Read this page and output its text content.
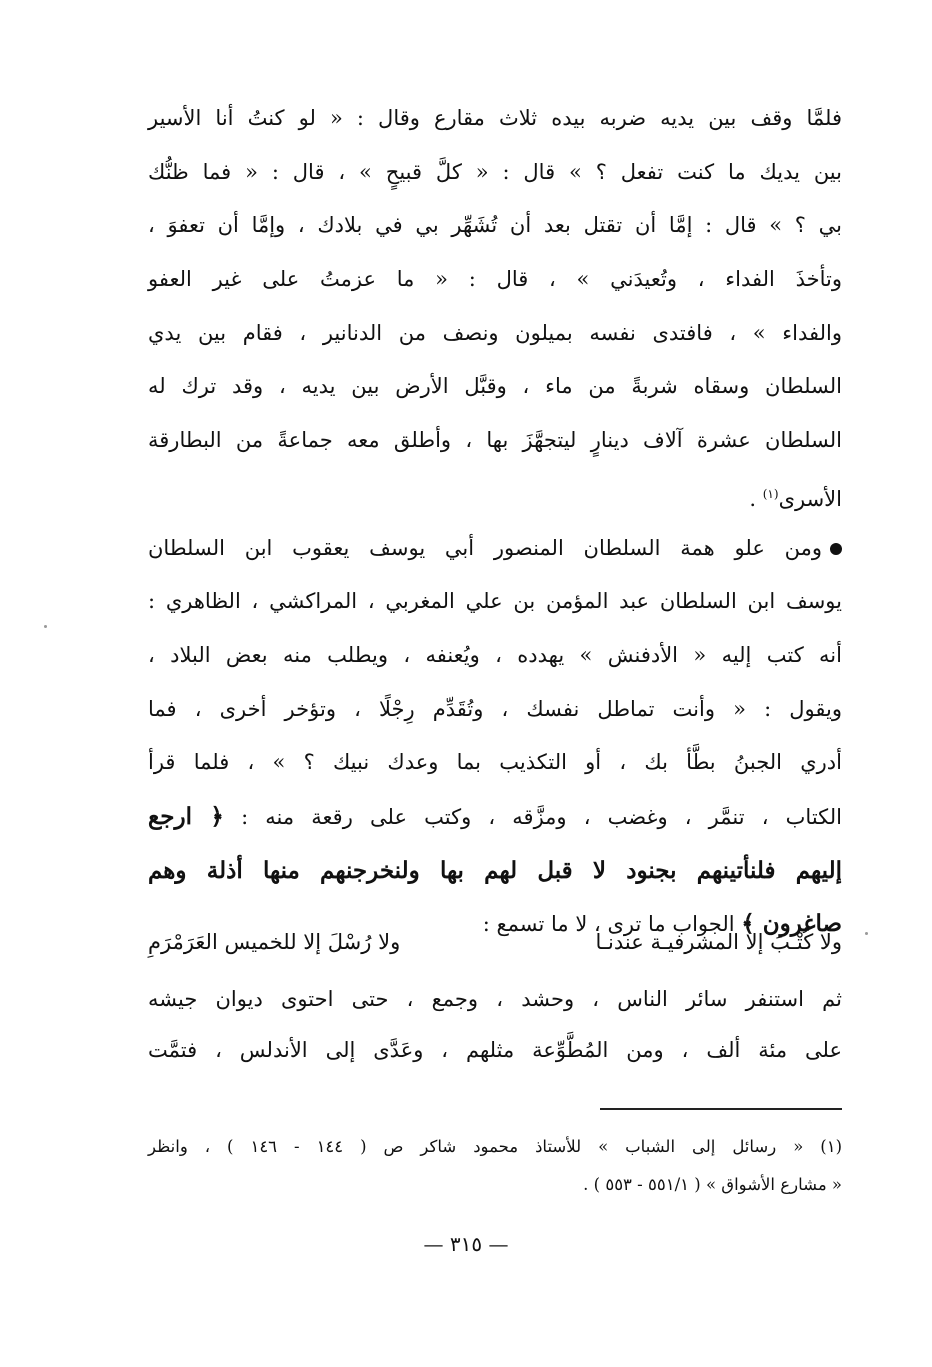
فلمَّا وقف بين يديه ضربه بيده ثلاث مقارع وقال : « لو كنتُ أنا الأسير
بين يديك ما كنت تفعل ؟ » قال : « كلَّ قبيحٍ » ، قال : « فما ظنُّك
بي ؟ » قال : إمَّا أن تقتل بعد أن تُشَهِّر بي في بلادك ، وإمَّا أن تعفوَ ،
وتأخذَ الفداء ، وتُعيدَني » ، قال : « ما عزمتُ على غير العفو
والفداء » ، فافتدى نفسه بميلون ونصف من الدنانير ، فقام بين يدي
السلطان وسقاه شربةً من ماء ، وقبَّل الأرض بين يديه ، وقد ترك له
السلطان عشرة آلاف دينارٍ ليتجهَّزَ بها ، وأطلق معه جماعةً من البطارقة
الأسرى$^{(١)}$ .

ومن علو همة السلطان المنصور أبي يوسف يعقوب ابن السلطان
يوسف ابن السلطان عبد المؤمن بن علي المغربي ، المراكشي ، الظاهري :
أنه كتب إليه « الأدفنش » يهدده ، ويُعنفه ، ويطلب منه بعض البلاد ،
ويقول : « وأنت تماطل نفسك ، وتُقَدِّم رِجْلًا ، وتؤخر أخرى ، فما
أدري الجبنُ بطَّأ بك ، أو التكذيب بما وعدك نبيك ؟ » ، فلما قرأ
الكتاب ، تنمَّر ، وغضب ، ومزَّقه ، وكتب على رقعة منه : ﴿ ارجع
إليهم فلنأتينهم بجنود لا قبل لهم بها ولنخرجنهم منها أذلة وهم
صاغرون ﴾ الجواب ما ترى ، لا ما تسمع :

ولا كُتْـبَ إلا المشرفيـة عندنـا
ولا رُسْلَ إلا للخميس العَرَمْرَمِ
ثم استنفر سائر الناس ، وحشد ، وجمع ، حتى احتوى ديوان جيشه
على مئة ألف ، ومن المُطَّوِّعة مثلهم ، وعَدَّى إلى الأندلس ، فتمَّت
(١) « رسائل إلى الشباب » للأستاذ محمود شاكر ص ( ١٤٤ - ١٤٦ ) ، وانظر
« مشارع الأشواق » ( ٥٥١/١ - ٥٥٣ ) .
— ٣١٥ —
